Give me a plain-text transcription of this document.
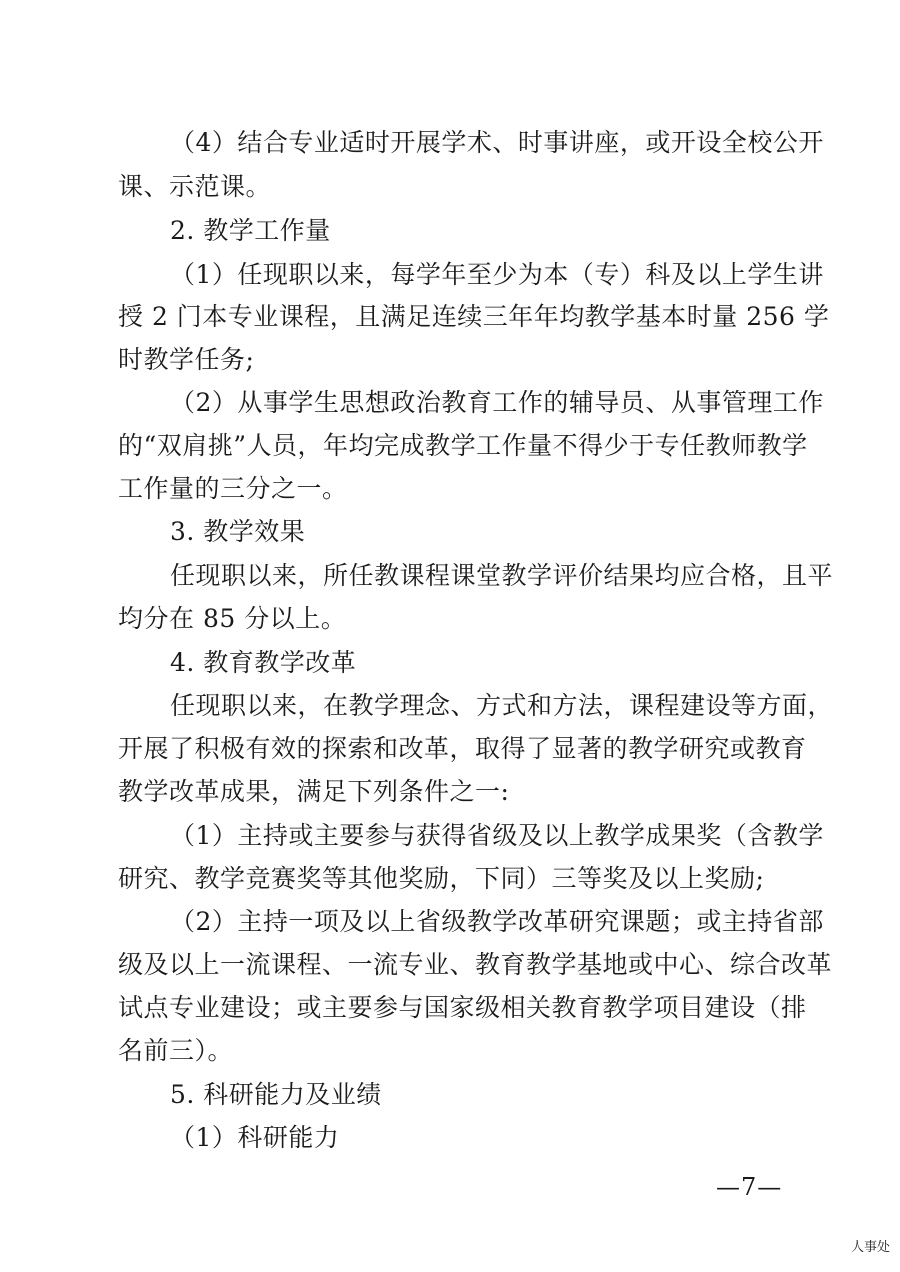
（4）结合专业适时开展学术、时事讲座，或开设全校公开
课、示范课。
2. 教学工作量
（1）任现职以来，每学年至少为本（专）科及以上学生讲
授 2 门本专业课程，且满足连续三年年均教学基本时量 256 学
时教学任务;
（2）从事学生思想政治教育工作的辅导员、从事管理工作
的“双肩挑”人员，年均完成教学工作量不得少于专任教师教学
工作量的三分之一。
3. 教学效果
任现职以来，所任教课程课堂教学评价结果均应合格，且平
均分在 85 分以上。
4. 教育教学改革
任现职以来，在教学理念、方式和方法，课程建设等方面，
开展了积极有效的探索和改革，取得了显著的教学研究或教育
教学改革成果，满足下列条件之一:
（1）主持或主要参与获得省级及以上教学成果奖（含教学
研究、教学竞赛奖等其他奖励，下同）三等奖及以上奖励;
（2）主持一项及以上省级教学改革研究课题；或主持省部
级及以上一流课程、一流专业、教育教学基地或中心、综合改革
试点专业建设；或主要参与国家级相关教育教学项目建设（排
名前三）。
5. 科研能力及业绩
（1）科研能力
—7—
人事处
